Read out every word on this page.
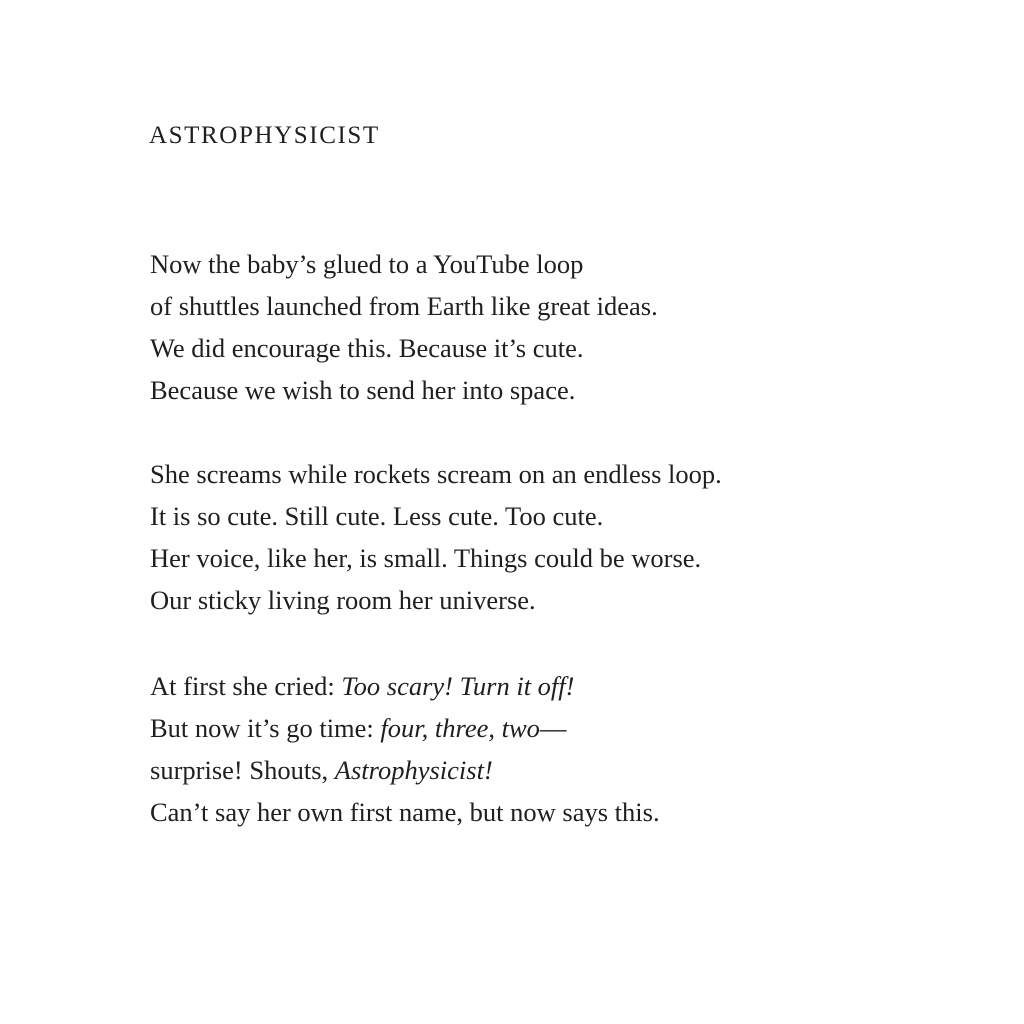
ASTROPHYSICIST
Now the baby’s glued to a YouTube loop
of shuttles launched from Earth like great ideas.
We did encourage this. Because it’s cute.
Because we wish to send her into space.
She screams while rockets scream on an endless loop.
It is so cute. Still cute. Less cute. Too cute.
Her voice, like her, is small. Things could be worse.
Our sticky living room her universe.
At first she cried: Too scary! Turn it off!
But now it’s go time: four, three, two—
surprise! Shouts, Astrophysicist!
Can’t say her own first name, but now says this.
